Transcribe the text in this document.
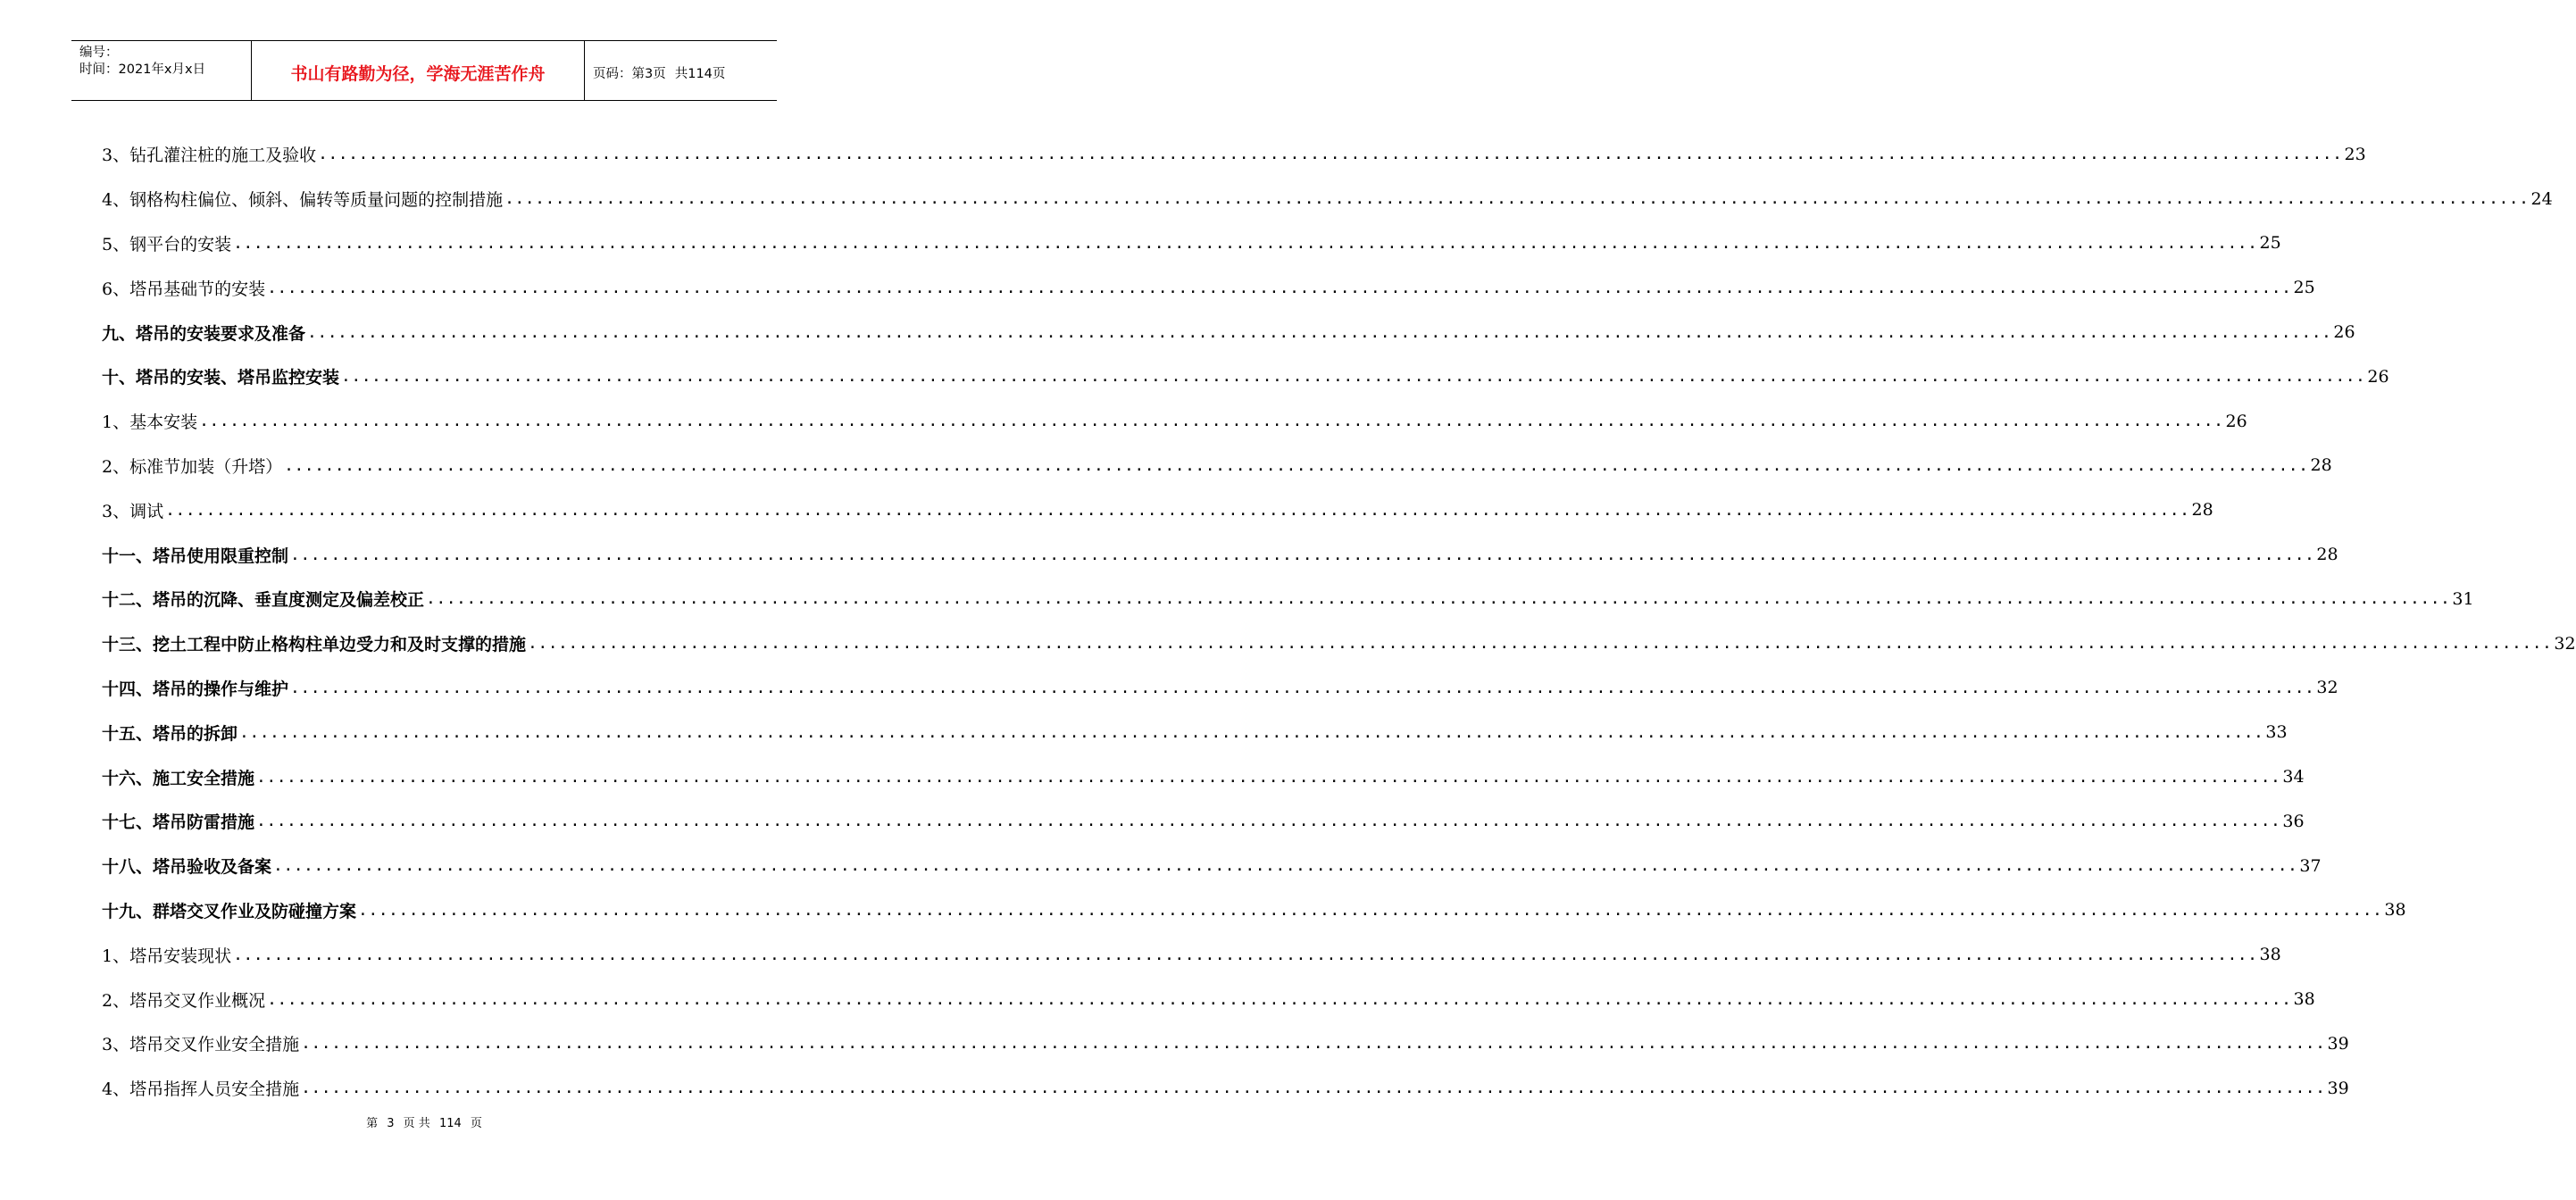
编号：
时间：2021年x月x日	书山有路勤为径，学海无涯苦作舟	页码：第3页 共114页
3、钻孔灌注桩的施工及验收 ........................................................................................................................................................................................................ 23
4、钢格构柱偏位、倾斜、偏转等质量问题的控制措施 ........................................................................................................................................................................................................ 24
5、钢平台的安装 ........................................................................................................................................................................................................ 25
6、塔吊基础节的安装 ........................................................................................................................................................................................................ 25
九、塔吊的安装要求及准备 ........................................................................................................................................................................................................ 26
十、塔吊的安装、塔吊监控安装 ........................................................................................................................................................................................................ 26
1、基本安装 ........................................................................................................................................................................................................ 26
2、标准节加装（升塔） ........................................................................................................................................................................................................ 28
3、调试 ........................................................................................................................................................................................................ 28
十一、塔吊使用限重控制 ........................................................................................................................................................................................................ 28
十二、塔吊的沉降、垂直度测定及偏差校正 ........................................................................................................................................................................................................ 31
十三、挖土工程中防止格构柱单边受力和及时支撑的措施 ........................................................................................................................................................................................................ 32
十四、塔吊的操作与维护 ........................................................................................................................................................................................................ 32
十五、塔吊的拆卸 ........................................................................................................................................................................................................ 33
十六、施工安全措施 ........................................................................................................................................................................................................ 34
十七、塔吊防雷措施 ........................................................................................................................................................................................................ 36
十八、塔吊验收及备案 ........................................................................................................................................................................................................ 37
十九、群塔交叉作业及防碰撞方案 ........................................................................................................................................................................................................ 38
1、塔吊安装现状 ........................................................................................................................................................................................................ 38
2、塔吊交叉作业概况 ........................................................................................................................................................................................................ 38
3、塔吊交叉作业安全措施 ........................................................................................................................................................................................................ 39
4、塔吊指挥人员安全措施 ........................................................................................................................................................................................................ 39
第 3 页 共 114 页
